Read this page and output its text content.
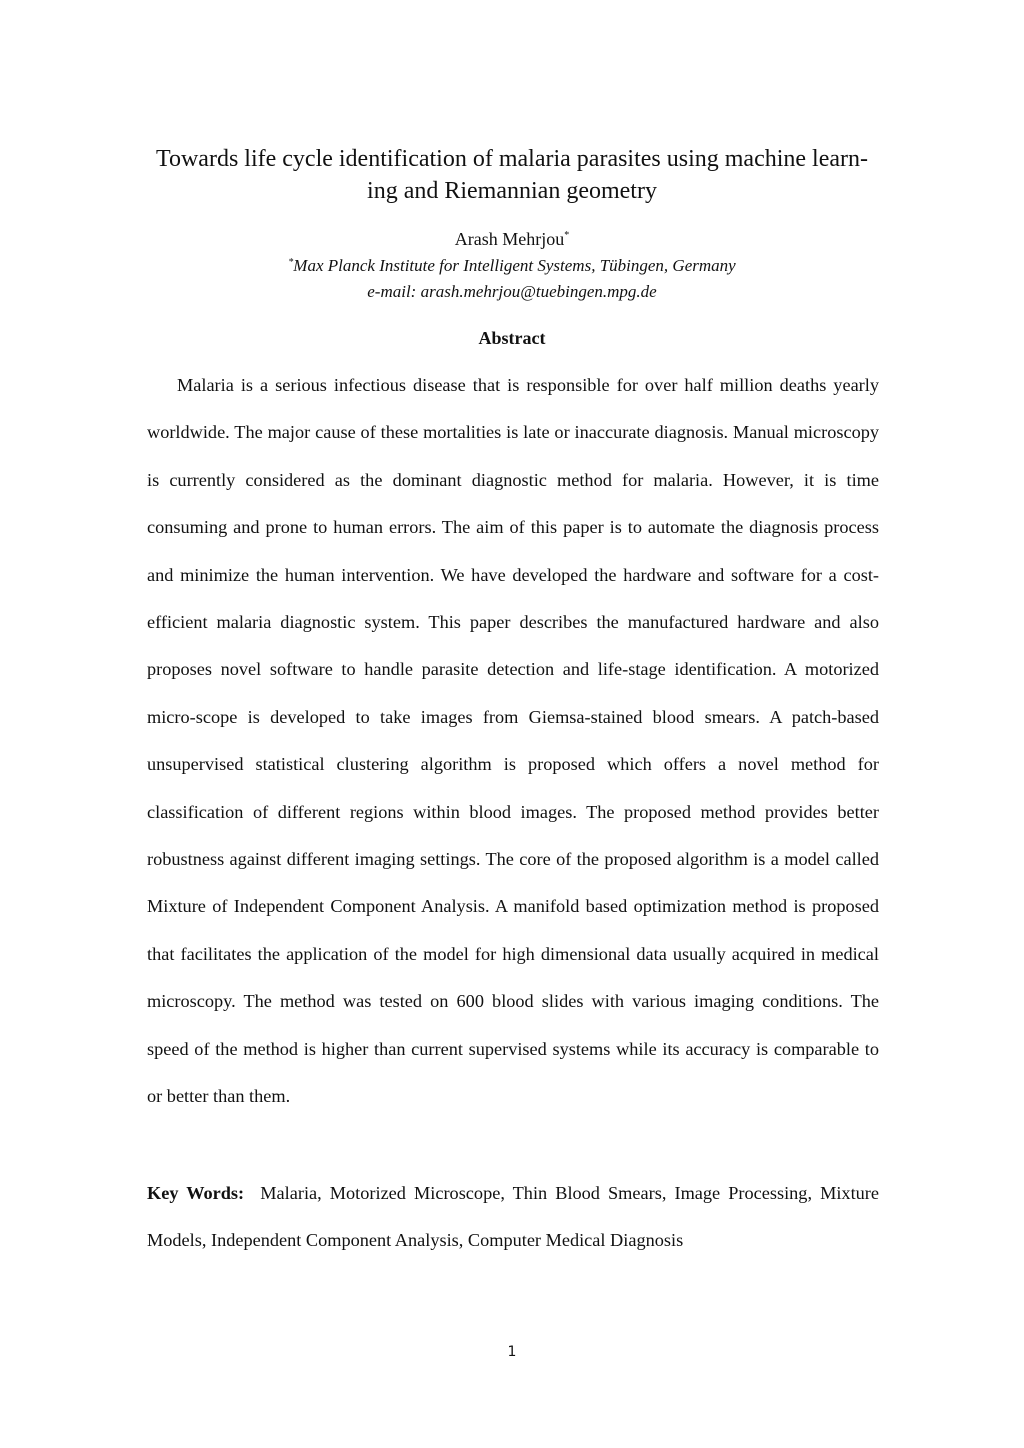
Towards life cycle identification of malaria parasites using machine learn-
ing and Riemannian geometry
Arash Mehrjou*
*Max Planck Institute for Intelligent Systems, Tübingen, Germany
e-mail: arash.mehrjou@tuebingen.mpg.de
Abstract

Malaria is a serious infectious disease that is responsible for over half million deaths yearly worldwide. The major cause of these mortalities is late or inaccurate diagnosis. Manual microscopy is currently considered as the dominant diagnostic method for malaria. However, it is time consuming and prone to human errors. The aim of this paper is to automate the diagnosis process and minimize the human intervention. We have developed the hardware and software for a cost-efficient malaria diagnostic system. This paper describes the manufactured hardware and also proposes novel software to handle parasite detection and life-stage identification. A motorized micro-scope is developed to take images from Giemsa-stained blood smears. A patch-based unsupervised statistical clustering algorithm is proposed which offers a novel method for classification of different regions within blood images. The proposed method provides better robustness against different imaging settings. The core of the proposed algorithm is a model called Mixture of Independent Component Analysis. A manifold based optimization method is proposed that facilitates the application of the model for high dimensional data usually acquired in medical microscopy. The method was tested on 600 blood slides with various imaging conditions. The speed of the method is higher than current supervised systems while its accuracy is comparable to or better than them.

Key Words: Malaria, Motorized Microscope, Thin Blood Smears, Image Processing, Mixture Models, Independent Component Analysis, Computer Medical Diagnosis

1
